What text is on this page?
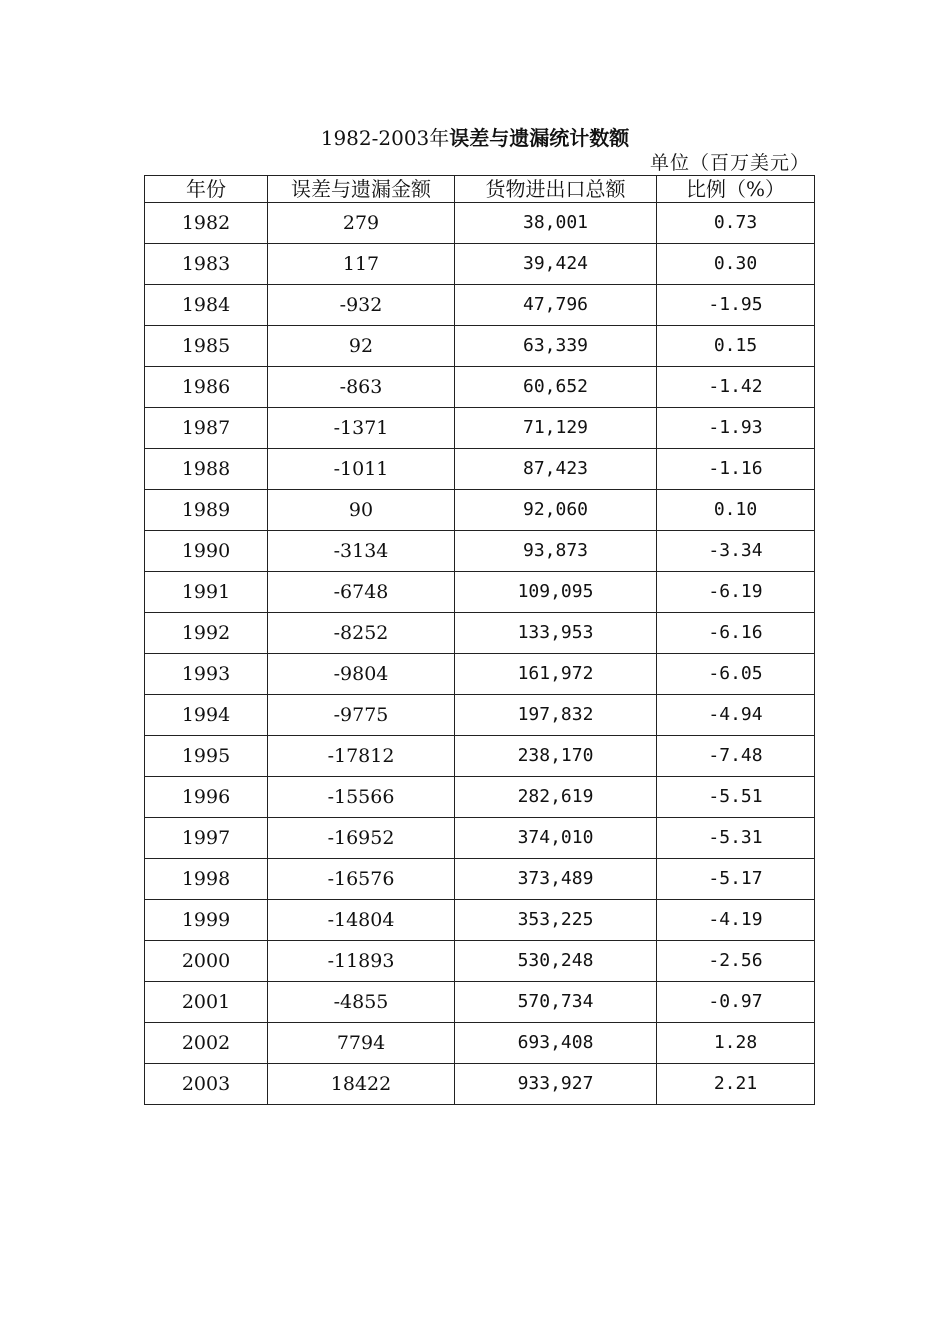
1982-2003年误差与遗漏统计数额
单位（百万美元）
年份	误差与遗漏金额	货物进出口总额	比例（%）
1982	279	38,001	0.73
1983	117	39,424	0.30
1984	-932	47,796	-1.95
1985	92	63,339	0.15
1986	-863	60,652	-1.42
1987	-1371	71,129	-1.93
1988	-1011	87,423	-1.16
1989	90	92,060	0.10
1990	-3134	93,873	-3.34
1991	-6748	109,095	-6.19
1992	-8252	133,953	-6.16
1993	-9804	161,972	-6.05
1994	-9775	197,832	-4.94
1995	-17812	238,170	-7.48
1996	-15566	282,619	-5.51
1997	-16952	374,010	-5.31
1998	-16576	373,489	-5.17
1999	-14804	353,225	-4.19
2000	-11893	530,248	-2.56
2001	-4855	570,734	-0.97
2002	7794	693,408	1.28
2003	18422	933,927	2.21
